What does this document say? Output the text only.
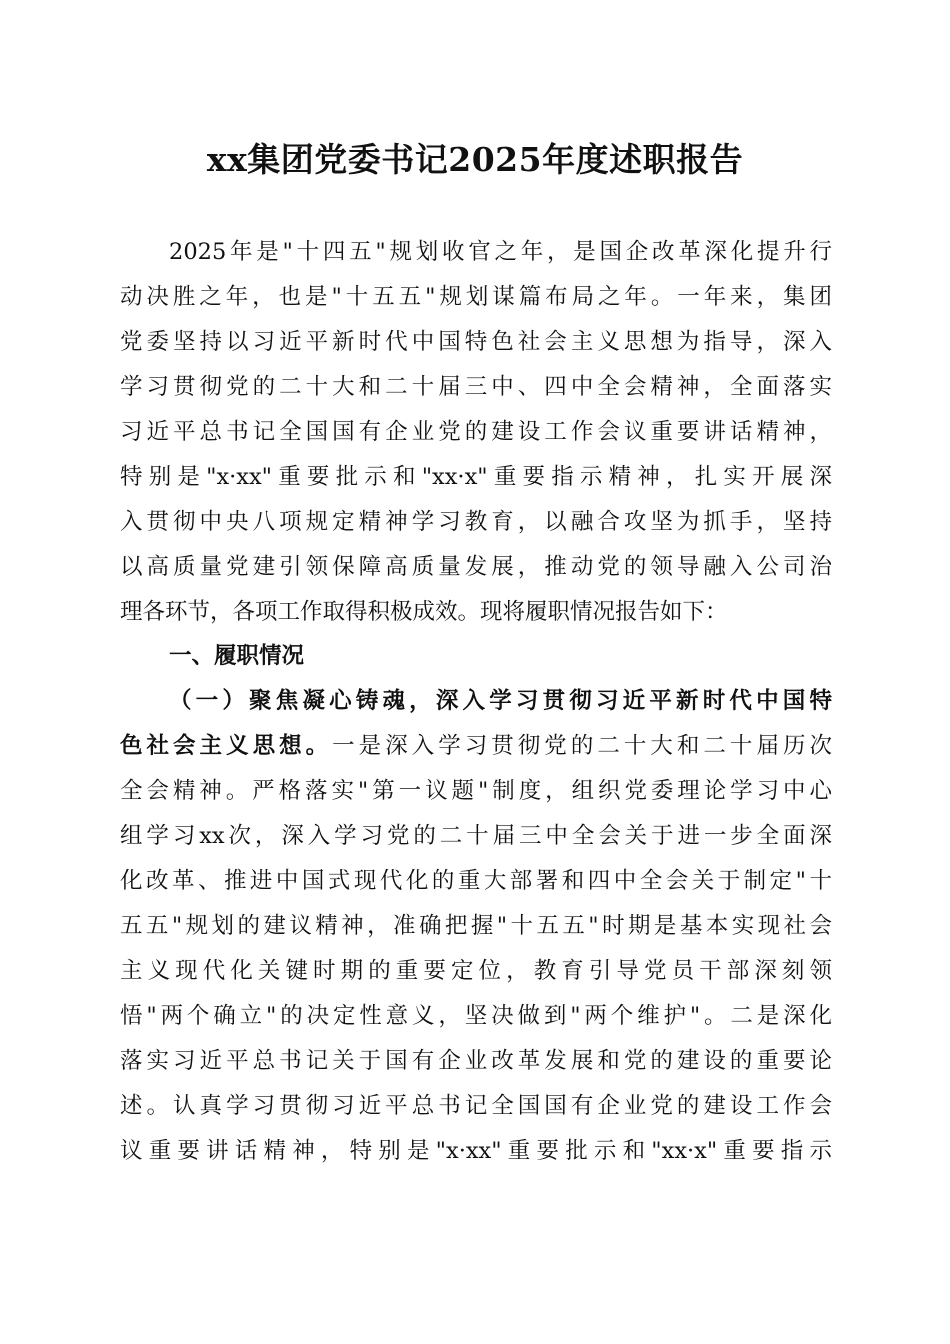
xx集团党委书记2025年度述职报告
2025年是"十四五"规划收官之年，是国企改革深化提升行
动决胜之年，也是"十五五"规划谋篇布局之年。一年来，集团
党委坚持以习近平新时代中国特色社会主义思想为指导，深入
学习贯彻党的二十大和二十届三中、四中全会精神，全面落实
习近平总书记全国国有企业党的建设工作会议重要讲话精神，
特别是"x·xx"重要批示和"xx·x"重要指示精神，扎实开展深
入贯彻中央八项规定精神学习教育，以融合攻坚为抓手，坚持
以高质量党建引领保障高质量发展，推动党的领导融入公司治
理各环节，各项工作取得积极成效。现将履职情况报告如下：
一、履职情况
（一）聚焦凝心铸魂，深入学习贯彻习近平新时代中国特
色社会主义思想。一是深入学习贯彻党的二十大和二十届历次
全会精神。严格落实"第一议题"制度，组织党委理论学习中心
组学习xx次，深入学习党的二十届三中全会关于进一步全面深
化改革、推进中国式现代化的重大部署和四中全会关于制定"十
五五"规划的建议精神，准确把握"十五五"时期是基本实现社会
主义现代化关键时期的重要定位，教育引导党员干部深刻领
悟"两个确立"的决定性意义，坚决做到"两个维护"。二是深化
落实习近平总书记关于国有企业改革发展和党的建设的重要论
述。认真学习贯彻习近平总书记全国国有企业党的建设工作会
议重要讲话精神，特别是"x·xx"重要批示和"xx·x"重要指示
